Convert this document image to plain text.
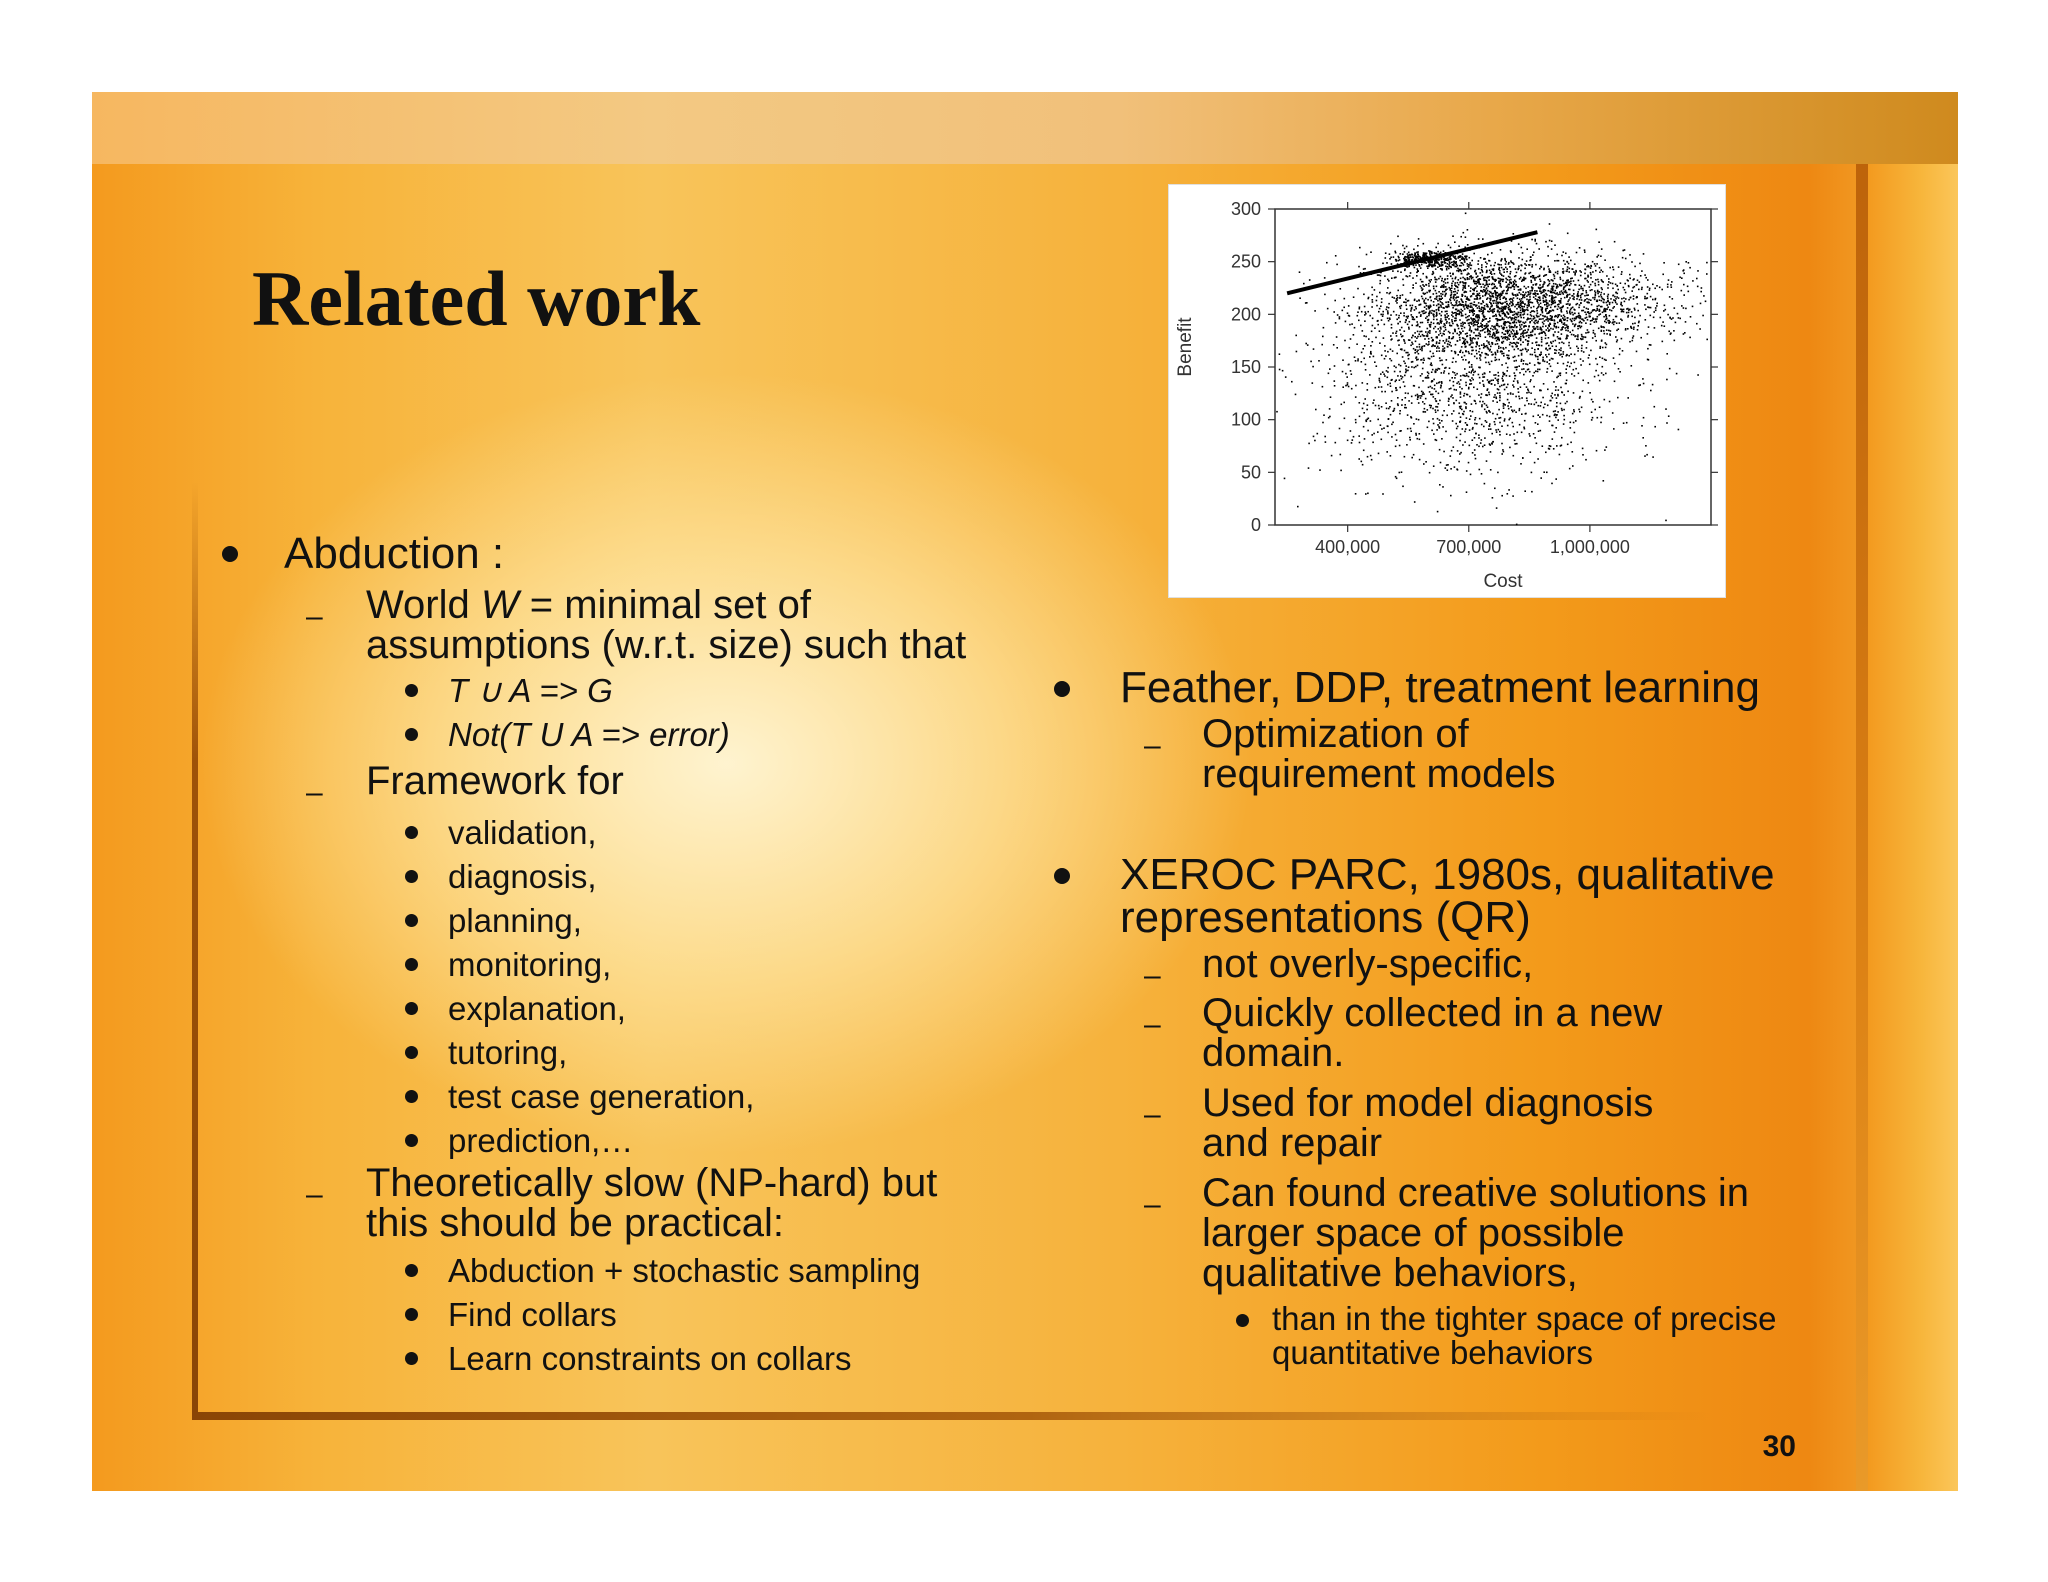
Related work
Abduction :
– World W = minimal set of
assumptions (w.r.t. size) such that
T ∪ A => G
Not(T U A => error)
– Framework for
validation,
diagnosis,
planning,
monitoring,
explanation,
tutoring,
test case generation,
prediction,…
– Theoretically slow (NP-hard) but
this should be practical:
Abduction + stochastic sampling
Find collars
Learn constraints on collars
Feather, DDP, treatment learning
– Optimization of
requirement models
XEROC PARC, 1980s, qualitative
representations (QR)
– not overly-specific,
– Quickly collected in a new
domain.
– Used for model diagnosis
and repair
– Can found creative solutions in
larger space of possible
qualitative behaviors,
than in the tighter space of precise
quantitative behaviors
0
50
100
150
200
250
300
400,000	700,000	1,000,000
Cost
Benefit
30
